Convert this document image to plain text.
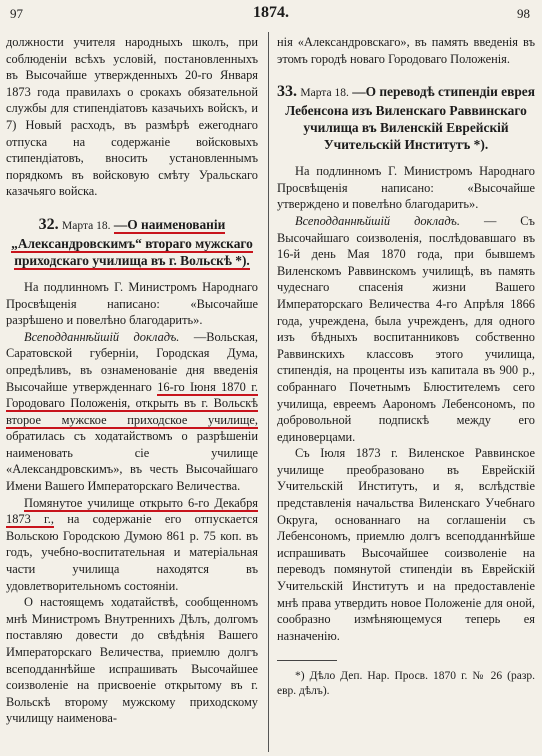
97	1874.	98

должности учителя народныхъ школъ, при соблюденіи всѣхъ условій, постановленныхъ въ Высочайше утвержденныхъ 20-го Января 1873 года правилахъ о срокахъ обязательной службы для стипендіатовъ казачьихъ войскъ, и 7) Новый расходъ, въ размѣрѣ ежегоднаго отпуска на содержаніе войсковыхъ стипендіатовъ, вносить установленнымъ порядкомъ въ войсковую смѣту Уральскаго казачьяго войска.

32. Марта 18. —О наименованіи „Александровскимъ“ втораго мужскаго приходскаго училища въ г. Вольскѣ *).

На подлинномъ Г. Министромъ Народнаго Просвѣщенія написано: «Высочайше разрѣшено и повелѣно благодарить».

Всеподданнѣйшій докладъ. —Вольская, Саратовской губерніи, Городская Дума, опредѣливъ, въ ознаменованіе дня введенія Высочайше утвержденнаго 16-го Іюня 1870 г. Городоваго Положенія, открыть въ г. Вольскѣ второе мужское приходское училище, обратилась съ ходатайствомъ о разрѣшеніи наименовать сіе училище «Александровскимъ», въ честь Высочайшаго Имени Вашего Императорскаго Величества.

Помянутое училище открыто 6-го Декабря 1873 г., на содержаніе его отпускается Вольскою Городскою Думою 861 р. 75 коп. въ годъ, учебно-воспитательная и матеріальная части училища находятся въ удовлетворительномъ состояніи.

О настоящемъ ходатайствѣ, сообщенномъ мнѣ Министромъ Внутреннихъ Дѣлъ, долгомъ поставляю довести до свѣдѣнія Вашего Императорскаго Величества, приемлю долгъ всеподданнѣйше испрашивать Высочайшее соизволеніе на присвоеніе открытому въ г. Вольскѣ второму мужскому приходскому училищу наименова-

нія «Александровскаго», въ память введенія въ этомъ городѣ новаго Городоваго Положенія.

33. Марта 18. —О переводѣ стипендіи еврея Лебенсона изъ Виленскаго Раввинскаго училища въ Виленскій Еврейскій Учительскій Институтъ *).

На подлинномъ Г. Министромъ Народнаго Просвѣщенія написано: «Высочайше утверждено и повелѣно благодарить».

Всеподданнѣйшій докладъ. — Съ Высочайшаго соизволенія, послѣдовавшаго въ 16-й день Мая 1870 года, при бывшемъ Виленскомъ Раввинскомъ училищѣ, въ память чудеснаго спасенія жизни Вашего Императорскаго Величества 4-го Апрѣля 1866 года, учреждена, была учрежденъ, для одного изъ бѣдныхъ воспитанниковъ собственно Раввинскихъ классовъ этого училища, стипендія, на проценты изъ капитала въ 900 р., собраннаго Почетнымъ Блюстителемъ сего училища, евреемъ Аарономъ Лебенсономъ, по добровольной подпискѣ между его единоверцами.

Съ Іюля 1873 г. Виленское Раввинское училище преобразовано въ Еврейскій Учительскій Институтъ, и я, вслѣдствіе представленія начальства Виленскаго Учебнаго Округа, основаннаго на соглашеніи съ Лебенсономъ, приемлю долгъ всеподданнѣйше испрашивать Высочайшее соизволеніе на переводъ помянутой стипендіи въ Еврейскій Учительскій Институтъ и на предоставленіе мнѣ права утвердить новое Положеніе для оной, сообразно измѣняющемуся теперь ея назначенію.

*) Дѣло Деп. Нар. Просв. 1870 г. № 26 (разр. евр. дѣлъ).
